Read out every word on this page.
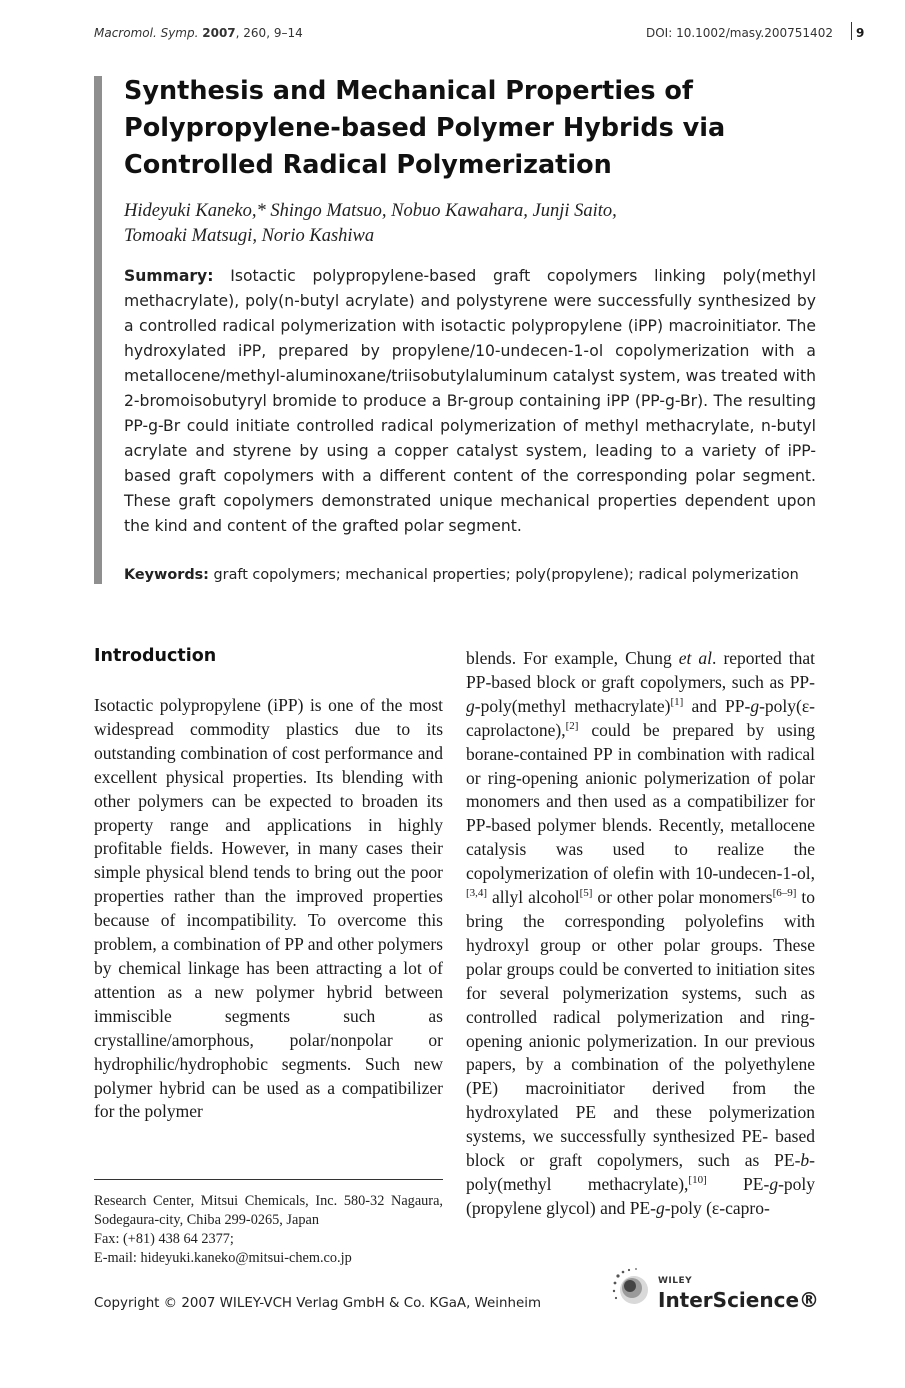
Macromol. Symp. 2007, 260, 9–14	DOI: 10.1002/masy.200751402 9
Synthesis and Mechanical Properties of Polypropylene-based Polymer Hybrids via Controlled Radical Polymerization
Hideyuki Kaneko,* Shingo Matsuo, Nobuo Kawahara, Junji Saito,
Tomoaki Matsugi, Norio Kashiwa
Summary: Isotactic polypropylene-based graft copolymers linking poly(methyl methacrylate), poly(n-butyl acrylate) and polystyrene were successfully synthesized by a controlled radical polymerization with isotactic polypropylene (iPP) macroinitiator. The hydroxylated iPP, prepared by propylene/10-undecen-1-ol copolymerization with a metallocene/methyl-aluminoxane/triisobutylaluminum catalyst system, was treated with 2-bromoisobutyryl bromide to produce a Br-group containing iPP (PP-g-Br). The resulting PP-g-Br could initiate controlled radical polymerization of methyl methacrylate, n-butyl acrylate and styrene by using a copper catalyst system, leading to a variety of iPP-based graft copolymers with a different content of the corresponding polar segment. These graft copolymers demonstrated unique mechanical properties dependent upon the kind and content of the grafted polar segment.
Keywords: graft copolymers; mechanical properties; poly(propylene); radical polymerization
Introduction
Isotactic polypropylene (iPP) is one of the most widespread commodity plastics due to its outstanding combination of cost performance and excellent physical properties. Its blending with other polymers can be expected to broaden its property range and applications in highly profitable fields. However, in many cases their simple physical blend tends to bring out the poor properties rather than the improved properties because of incompatibility. To overcome this problem, a combination of PP and other polymers by chemical linkage has been attracting a lot of attention as a new polymer hybrid between immiscible segments such as crystalline/amorphous, polar/nonpolar or hydrophilic/hydrophobic segments. Such new polymer hybrid can be used as a compatibilizer for the polymer
blends. For example, Chung et al. reported that PP-based block or graft copolymers, such as PP-g-poly(methyl methacrylate)[1] and PP-g-poly(ε-caprolactone),[2] could be prepared by using borane-contained PP in combination with radical or ring-opening anionic polymerization of polar monomers and then used as a compatibilizer for PP-based polymer blends. Recently, metallocene catalysis was used to realize the copolymerization of olefin with 10-undecen-1-ol,[3,4] allyl alcohol[5] or other polar monomers[6–9] to bring the corresponding polyolefins with hydroxyl group or other polar groups. These polar groups could be converted to initiation sites for several polymerization systems, such as controlled radical polymerization and ring-opening anionic polymerization. In our previous papers, by a combination of the polyethylene (PE) macroinitiator derived from the hydroxylated PE and these polymerization systems, we successfully synthesized PE- based block or graft copolymers, such as PE-b-poly(methyl methacrylate),[10] PE-g-poly (propylene glycol) and PE-g-poly (ε-capro-
Research Center, Mitsui Chemicals, Inc. 580-32 Nagaura, Sodegaura-city, Chiba 299-0265, Japan
Fax: (+81) 438 64 2377;
E-mail: hideyuki.kaneko@mitsui-chem.co.jp
Copyright © 2007 WILEY-VCH Verlag GmbH & Co. KGaA, Weinheim
WILEY
InterScience®
